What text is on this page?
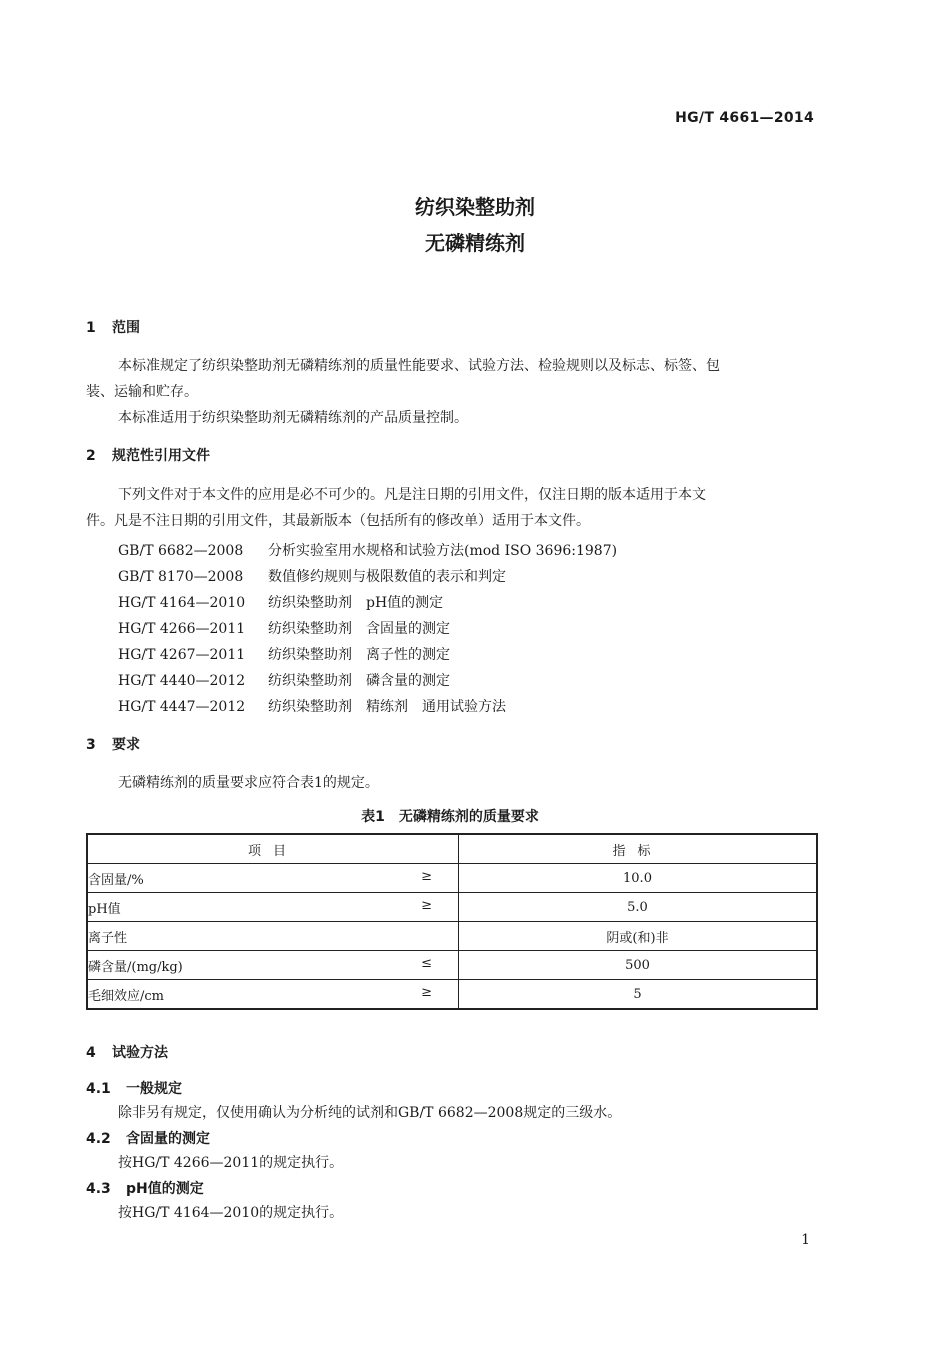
HG/T 4661—2014
纺织染整助剂
无磷精练剂
1 范围
本标准规定了纺织染整助剂无磷精练剂的质量性能要求、试验方法、检验规则以及标志、标签、包
装、运输和贮存。
本标准适用于纺织染整助剂无磷精练剂的产品质量控制。
2 规范性引用文件
下列文件对于本文件的应用是必不可少的。凡是注日期的引用文件，仅注日期的版本适用于本文
件。凡是不注日期的引用文件，其最新版本（包括所有的修改单）适用于本文件。
GB/T 6682—2008 分析实验室用水规格和试验方法(mod ISO 3696:1987)
GB/T 8170—2008 数值修约规则与极限数值的表示和判定
HG/T 4164—2010 纺织染整助剂　pH值的测定
HG/T 4266—2011 纺织染整助剂　含固量的测定
HG/T 4267—2011 纺织染整助剂　离子性的测定
HG/T 4440—2012 纺织染整助剂　磷含量的测定
HG/T 4447—2012 纺织染整助剂　精练剂　通用试验方法
3 要求
无磷精练剂的质量要求应符合表1的规定。
表1　无磷精练剂的质量要求
项目	指标
含固量/% ≥	10.0
pH值 ≥	5.0
离子性	阴或(和)非
磷含量/(mg/kg) ≤	500
毛细效应/cm ≥	5
4 试验方法
4.1 一般规定
除非另有规定，仅使用确认为分析纯的试剂和GB/T 6682—2008规定的三级水。
4.2 含固量的测定
按HG/T 4266—2011的规定执行。
4.3 pH值的测定
按HG/T 4164—2010的规定执行。
1
